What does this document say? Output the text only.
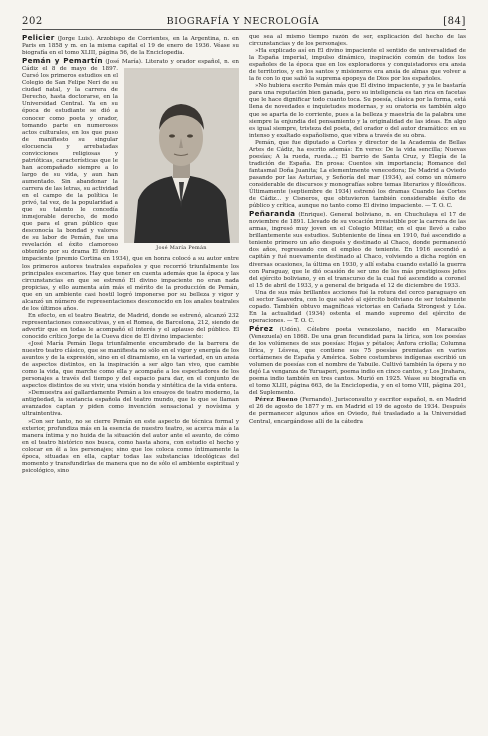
202	BIOGRAFÍA Y NECROLOGÍA	[84]

Pelicier (Jorge Luis). Arzobispo de Corrientes, en la Argentina, n. en Paris en 1858 y m. en la misma capital el 19 de enero de 1936. Véase su biografía en el tomo XLIII, página 56, de la Enciclopedia.

Pemán y Pemartín (José María).
José María Pemán
Literato y orador español, n. en Cádiz el 8 de mayo de 1897. Cursó los primeros estudios en el Colegio de San Felipe Neri de su ciudad natal, y la carrera de Derecho, hasta doctorarse, en la Universidad Central. Ya en su época de estudiante se dió a conocer como poeta y orador, tomando parte en numerosos actos culturales, en los que puso de manifiesto su singular elocuencia y arrebatadas convicciones religiosas y patrióticas, características que le han acompañado siempre a lo largo de su vida, y aun han aumentado. Sin abandonar la carrera de las letras, su actividad en el campo de la política le privó, tal vez, de la popularidad a que su talento le concedía inmejorable derecho, de modo que para el gran público que desconocía la bondad y valores de su labor de Pemán, fue una revelación el éxito clamoroso obtenido por su drama El divino impaciente (premio Cortina en 1934), que en honra colocó a su autor entre los primeros autores teatrales españoles y que recorrió triunfalmente los principales escenarios. Hay que tener en cuenta además que la época y las circunstancias en que se estrenó El divino impaciente no eran nada propicias, y ello aumenta aún más el mérito de la producción de Pemán, que en un ambiente casi hostil logró imponerse por su belleza y vigor y alcanzó un número de representaciones desconocido en los anales teatrales de los últimos años.

En efecto, en el teatro Beatriz, de Madrid, donde se estrenó, alcanzó 232 representaciones consecutivas, y en el Romea, de Barcelona, 212, siendo de advertir que en todas le acompañó el interés y el aplauso del público. El conocido crítico Jorge de la Cueva dice de El divino impaciente:

«José María Pemán llega triunfalmente encumbrado de la barrera de nuestro teatro clásico, que se manifiesta no sólo en el vigor y energía de los asuntos y de la expresión, sino en el dinamismo, en la variedad, en un ansia de aspectos distintos, en la inspiración a ser algo tan vivo, que cambie como la vida, que marche como ella y acompañe a los espectadores de los personajes a través del tiempo y del espacio para dar, en el conjunto de aspectos distintos de su vivir, una visión honda y sintética de la vida entera.

»Demuestra así gallardamente Pemán a los ensayos de teatro moderno, la antigüedad, la sustancia española del teatro mundo, que lo que se llaman avanzados captan y piden como invención sensacional y novísima y ultraintentiva.

»Con ser tanto, no se cierre Pemán en este aspecto de técnica formal y exterior, profundiza más en la esencia de nuestro teatro, se acerca más a la manera íntima y no huida de la situación del autor ante el asunto, de cómo en el teatro histórico nos busca, como hasta ahora, con estudio el hecho y colocar en él a los personajes; sino que los coloca como íntimamente la época, situadas en ella, captar todas las substancias ideológicas del momento y transfundirlas de manera que no de sólo el ambiente espiritual y psicológico, sino

que sea al mismo tiempo razón de ser, explicación del hecho de las circunstancias y de los personajes.

»Ha explicado así en El divino impaciente el sentido de universalidad de la España imperial, impulso dinámico, inspiración común de todos los españoles de la época que en los exploradores y conquistadores era ansia de territorios, y en los santos y misioneros era ansia de almas que volver a la fe con lo que salió la suprema epopeya de Dios por los españoles.

»No hubiera escrito Pemán más que El divino impaciente, y ya le bastaría para una reputación bien ganada, pero su inteligencia es tan rica en facetas que le hace dignificar todo cuanto toca. Su poesía, clásica por la forma, está llena de novedades e inquietudes modernas, y su oratoria es también algo que se aparta de lo corriente, pues a la belleza y maestría de la palabra une siempre la enjundia del pensamiento y la originalidad de las ideas. En algo es igual siempre, tristeza del poeta, del orador o del autor dramático: en su intenso y exaltado españolismo, que vibra a través de su obra.

Pemán, que fue diputado a Cortes y director de la Academia de Bellas Artes de Cádiz, ha escrito además: En verso: De la vida sencilla; Nuevas poesías; A la rueda, rueda...; El barrio de Santa Cruz, y Elegía de la tradición de España. En prosa: Cuentos sin importancia; Romance del fantasmal Doña Juanita; La elementmente venecedora; De Madrid a Oviedo pasando por las Asturias, y Señoría del mar (1934), así como un número considerable de discursos y monografías sobre temas literarios y filosóficos. Últimamente (septiembre de 1934) estrenó los dramas Cuando las Cortes de Cádiz... y Cisneros, que obtuvieron también considerable éxito de público y crítica, aunque no tanto como El divino impaciente. — T. O. C.

Peñaranda (Enrique). General boliviano, n. en Chuchulaya el 17 de noviembre de 1891. Llevado de su vocación irresistible por la carrera de las armas, ingresó muy joven en el Colegio Militar, en el que llevó a cabo brillantemente sus estudios. Subteniente de línea en 1910, fué ascendido a teniente primero un año después y destinado al Chaco, donde permaneció dos años, regresando con el empleo de teniente. En 1916 ascendió a capitán y fué nuevamente destinado al Chaco, volviendo a dicha región en diversas ocasiones, la última en 1930, y allí estaba cuando estalló la guerra con Paraguay, que le dió ocasión de ser uno de los más prestigiosos jefes del ejército boliviano, y en el transcurso de la cual fué ascendido a coronel el 15 de abril de 1933, y a general de brigada el 12 de diciembre de 1933.

Una de sus más brillantes acciones fué la rotura del cerco paraguayo en el sector Saavedra, con lo que salvó al ejército boliviano de ser totalmente copado. También obtuvo magníficas victorias en Cañada Strongest y Lóa. En la actualidad (1934) ostenta el mando supremo del ejército de operaciones. — T. O. C.

Pérez (Udón). Célebre poeta venezolano, nacido en Maracaibo (Venezuela) en 1868. De una gran fecundidad para la lírica, son los poesías de los volúmenes de sus poesías: Hojas y pétalos; Ánfora criolla; Columna lírica, y Lésvea, que contiene sus 75 poesías premiadas en varios certámenes de España y América. Sobre costumbres indígenas escribió un volumen de poesías con el nombre de Yabuile. Cultivó también la ópera y no dejó La venganza de Yuruaperi, poema indio en cinco cantos, y Los Jirahara, poema indio también en tres cantos. Murió en 1925. Véase su biografía en el tomo XLIII, página 663, de la Enciclopedia, y en el tomo VIII, página 201, del Suplemento.

Pérez Bueno (Fernando). Jurisconsulto y escritor español, n. en Madrid el 26 de agosto de 1877 y m. en Madrid el 19 de agosto de 1934. Después de permanecer algunos años en Oviedo, fué trasladado a la Universidad Central, encargándose allí de la cátedra
